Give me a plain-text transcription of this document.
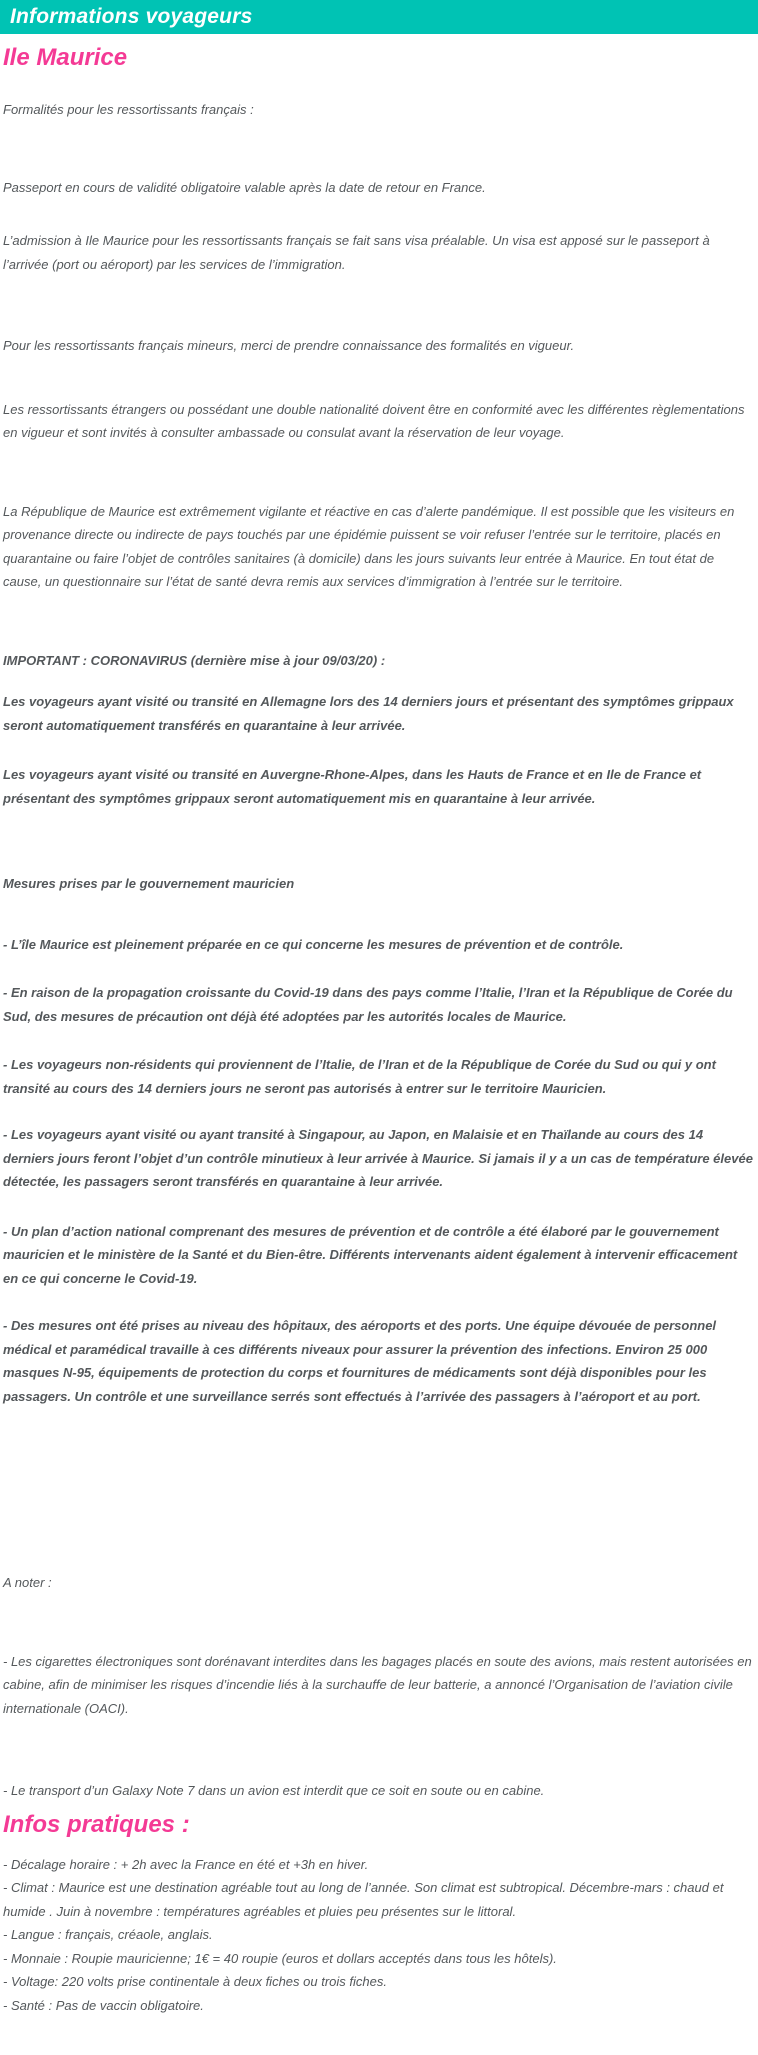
Informations voyageurs
Ile Maurice

Formalités pour les ressortissants français :

Passeport en cours de validité obligatoire valable après la date de retour en France.

L’admission à Ile Maurice pour les ressortissants français se fait sans visa préalable. Un visa est apposé sur le passeport à l’arrivée (port ou aéroport) par les services de l’immigration.

Pour les ressortissants français mineurs, merci de prendre connaissance des formalités en vigueur.

Les ressortissants étrangers ou possédant une double nationalité doivent être en conformité avec les différentes règlementations en vigueur et sont invités à consulter ambassade ou consulat avant la réservation de leur voyage.

La République de Maurice est extrêmement vigilante et réactive en cas d’alerte pandémique. Il est possible que les visiteurs en provenance directe ou indirecte de pays touchés par une épidémie puissent se voir refuser l’entrée sur le territoire, placés en quarantaine ou faire l’objet de contrôles sanitaires (à domicile) dans les jours suivants leur entrée à Maurice. En tout état de cause, un questionnaire sur l’état de santé devra remis aux services d’immigration à l’entrée sur le territoire.

IMPORTANT : CORONAVIRUS (dernière mise à jour 09/03/20) :

Les voyageurs ayant visité ou transité en Allemagne lors des 14 derniers jours et présentant des symptômes grippaux seront automatiquement transférés en quarantaine à leur arrivée.

Les voyageurs ayant visité ou transité en Auvergne-Rhone-Alpes, dans les Hauts de France et en Ile de France et présentant des symptômes grippaux seront automatiquement mis en quarantaine à leur arrivée.

Mesures prises par le gouvernement mauricien

- L’île Maurice est pleinement préparée en ce qui concerne les mesures de prévention et de contrôle.

- En raison de la propagation croissante du Covid-19 dans des pays comme l’Italie, l’Iran et la République de Corée du Sud, des mesures de précaution ont déjà été adoptées par les autorités locales de Maurice.

- Les voyageurs non-résidents qui proviennent de l’Italie, de l’Iran et de la République de Corée du Sud ou qui y ont transité au cours des 14 derniers jours ne seront pas autorisés à entrer sur le territoire Mauricien.

- Les voyageurs ayant visité ou ayant transité à Singapour, au Japon, en Malaisie et en Thaïlande au cours des 14 derniers jours feront l’objet d’un contrôle minutieux à leur arrivée à Maurice. Si jamais il y a un cas de température élevée détectée, les passagers seront transférés en quarantaine à leur arrivée.

- Un plan d’action national comprenant des mesures de prévention et de contrôle a été élaboré par le gouvernement mauricien et le ministère de la Santé et du Bien-être. Différents intervenants aident également à intervenir efficacement en ce qui concerne le Covid-19.

- Des mesures ont été prises au niveau des hôpitaux, des aéroports et des ports. Une équipe dévouée de personnel médical et paramédical travaille à ces différents niveaux pour assurer la prévention des infections. Environ 25 000 masques N-95, équipements de protection du corps et fournitures de médicaments sont déjà disponibles pour les passagers. Un contrôle et une surveillance serrés sont effectués à l’arrivée des passagers à l’aéroport et au port.

A noter :

- Les cigarettes électroniques sont dorénavant interdites dans les bagages placés en soute des avions, mais restent autorisées en cabine, afin de minimiser les risques d’incendie liés à la surchauffe de leur batterie, a annoncé l’Organisation de l’aviation civile internationale (OACI).

- Le transport d’un Galaxy Note 7 dans un avion est interdit que ce soit en soute ou en cabine.

Infos pratiques :

- Décalage horaire : + 2h avec la France en été et +3h en hiver.

- Climat : Maurice est une destination agréable tout au long de l’année. Son climat est subtropical. Décembre-mars : chaud et humide . Juin à novembre : températures agréables et pluies peu présentes sur le littoral.

- Langue : français, créaole, anglais.

- Monnaie : Roupie mauricienne; 1€ = 40 roupie (euros et dollars acceptés dans tous les hôtels).

- Voltage: 220 volts prise continentale à deux fiches ou trois fiches.

- Santé : Pas de vaccin obligatoire.
